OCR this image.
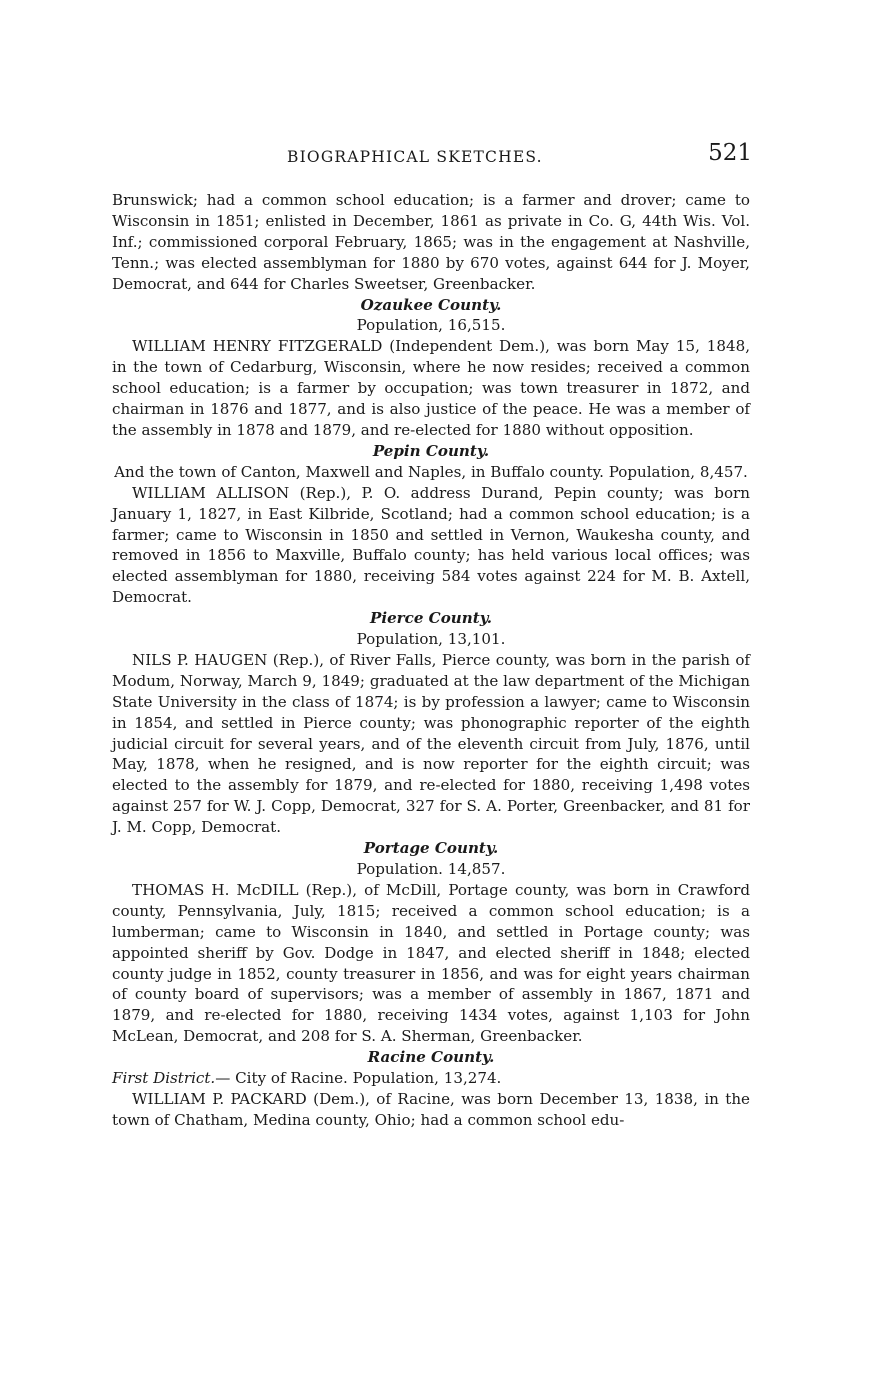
BIOGRAPHICAL SKETCHES.	521

Brunswick; had a common school education; is a farmer and drover; came to Wisconsin in 1851; enlisted in December, 1861 as private in Co. G, 44th Wis. Vol. Inf.; commissioned corporal February, 1865; was in the engagement at Nashville, Tenn.; was elected assemblyman for 1880 by 670 votes, against 644 for J. Moyer, Democrat, and 644 for Charles Sweetser, Greenbacker.

Ozaukee County.

Population, 16,515.

WILLIAM HENRY FITZGERALD (Independent Dem.), was born May 15, 1848, in the town of Cedarburg, Wisconsin, where he now resides; received a common school education; is a farmer by occupation; was town treasurer in 1872, and chairman in 1876 and 1877, and is also justice of the peace. He was a member of the assembly in 1878 and 1879, and re-elected for 1880 without opposition.

Pepin County.

And the town of Canton, Maxwell and Naples, in Buffalo county. Population, 8,457.

WILLIAM ALLISON (Rep.), P. O. address Durand, Pepin county; was born January 1, 1827, in East Kilbride, Scotland; had a common school education; is a farmer; came to Wisconsin in 1850 and settled in Vernon, Waukesha county, and removed in 1856 to Maxville, Buffalo county; has held various local offices; was elected assemblyman for 1880, receiving 584 votes against 224 for M. B. Axtell, Democrat.

Pierce County.

Population, 13,101.

NILS P. HAUGEN (Rep.), of River Falls, Pierce county, was born in the parish of Modum, Norway, March 9, 1849; graduated at the law department of the Michigan State University in the class of 1874; is by profession a lawyer; came to Wisconsin in 1854, and settled in Pierce county; was phonographic reporter of the eighth judicial circuit for several years, and of the eleventh circuit from July, 1876, until May, 1878, when he resigned, and is now reporter for the eighth circuit; was elected to the assembly for 1879, and re-elected for 1880, receiving 1,498 votes against 257 for W. J. Copp, Democrat, 327 for S. A. Porter, Greenbacker, and 81 for J. M. Copp, Democrat.

Portage County.

Population. 14,857.

THOMAS H. McDILL (Rep.), of McDill, Portage county, was born in Crawford county, Pennsylvania, July, 1815; received a common school education; is a lumberman; came to Wisconsin in 1840, and settled in Portage county; was appointed sheriff by Gov. Dodge in 1847, and elected sheriff in 1848; elected county judge in 1852, county treasurer in 1856, and was for eight years chairman of county board of supervisors; was a member of assembly in 1867, 1871 and 1879, and re-elected for 1880, receiving 1434 votes, against 1,103 for John McLean, Democrat, and 208 for S. A. Sherman, Greenbacker.

Racine County.

First District.— City of Racine. Population, 13,274.

WILLIAM P. PACKARD (Dem.), of Racine, was born December 13, 1838, in the town of Chatham, Medina county, Ohio; had a common school edu-
